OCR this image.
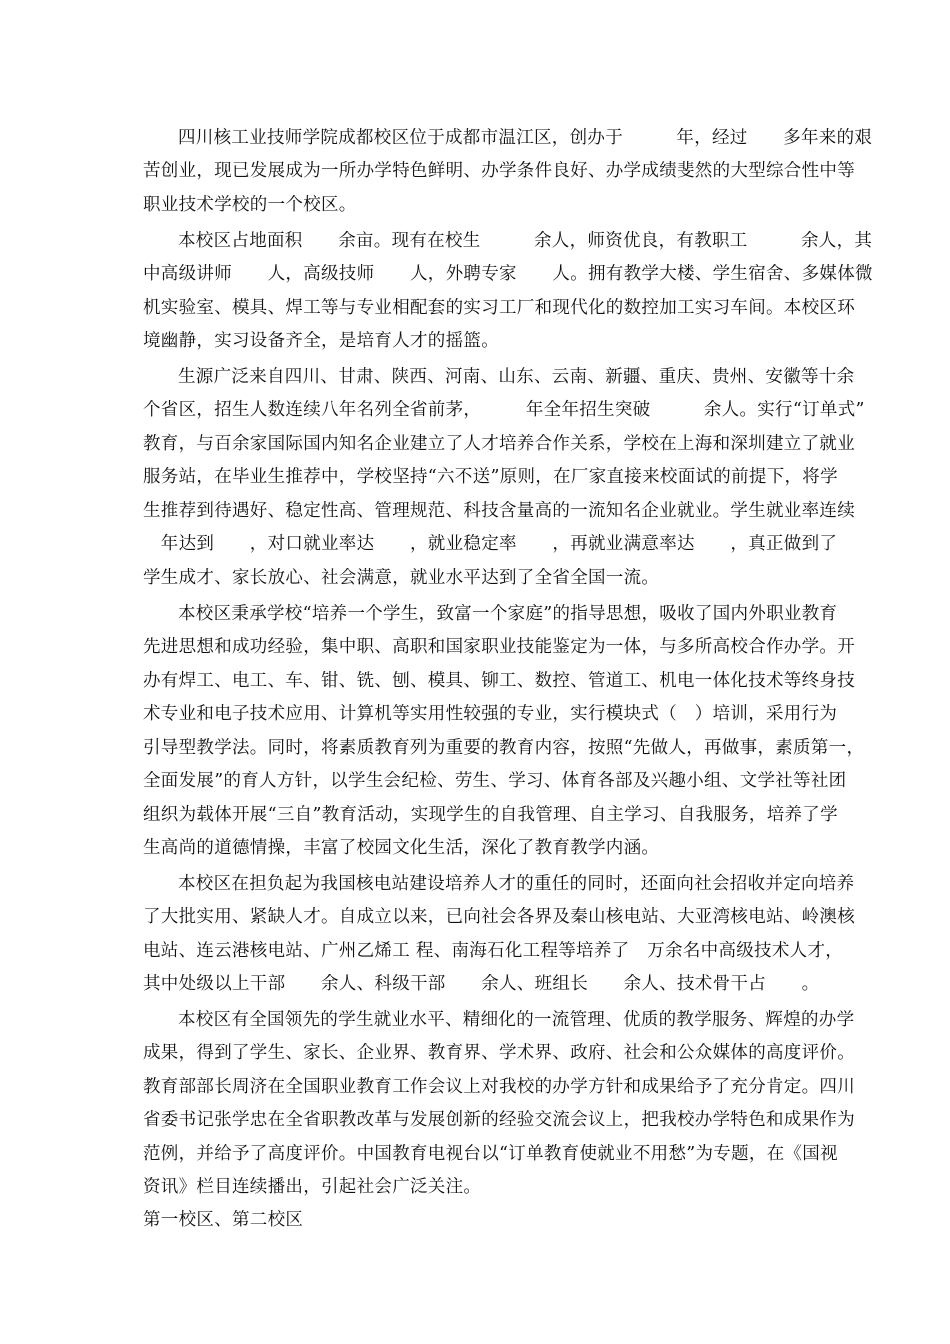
四川核工业技师学院成都校区位于成都市温江区，创办于　　　年，经过　　多年来的艰
苦创业，现已发展成为一所办学特色鲜明、办学条件良好、办学成绩斐然的大型综合性中等
职业技术学校的一个校区。
本校区占地面积　　余亩。现有在校生　　　余人，师资优良，有教职工　　　余人，其
中高级讲师　　人，高级技师　　人，外聘专家　　人。拥有教学大楼、学生宿舍、多媒体微
机实验室、模具、焊工等与专业相配套的实习工厂和现代化的数控加工实习车间。本校区环
境幽静，实习设备齐全，是培育人才的摇篮。
生源广泛来自四川、甘肃、陕西、河南、山东、云南、新疆、重庆、贵州、安徽等十余
个省区，招生人数连续八年名列全省前茅，　　　年全年招生突破　　　余人。实行“订单式”
教育，与百余家国际国内知名企业建立了人才培养合作关系，学校在上海和深圳建立了就业
服务站，在毕业生推荐中，学校坚持“六不送”原则，在厂家直接来校面试的前提下，将学
生推荐到待遇好、稳定性高、管理规范、科技含量高的一流知名企业就业。学生就业率连续
　年达到　　，对口就业率达　　，就业稳定率　　，再就业满意率达　　，真正做到了
学生成才、家长放心、社会满意，就业水平达到了全省全国一流。
本校区秉承学校“培养一个学生，致富一个家庭”的指导思想，吸收了国内外职业教育
先进思想和成功经验，集中职、高职和国家职业技能鉴定为一体，与多所高校合作办学。开
办有焊工、电工、车、钳、铣、刨、模具、铆工、数控、管道工、机电一体化技术等终身技
术专业和电子技术应用、计算机等实用性较强的专业，实行模块式（　）培训，采用行为
引导型教学法。同时，将素质教育列为重要的教育内容，按照“先做人，再做事，素质第一，
全面发展”的育人方针，以学生会纪检、劳生、学习、体育各部及兴趣小组、文学社等社团
组织为载体开展“三自”教育活动，实现学生的自我管理、自主学习、自我服务，培养了学
生高尚的道德情操，丰富了校园文化生活，深化了教育教学内涵。
本校区在担负起为我国核电站建设培养人才的重任的同时，还面向社会招收并定向培养
了大批实用、紧缺人才。自成立以来，已向社会各界及秦山核电站、大亚湾核电站、岭澳核
电站、连云港核电站、广州乙烯工 程、南海石化工程等培养了　万余名中高级技术人才，
其中处级以上干部　　余人、科级干部　　余人、班组长　　余人、技术骨干占　　。
本校区有全国领先的学生就业水平、精细化的一流管理、优质的教学服务、辉煌的办学
成果，得到了学生、家长、企业界、教育界、学术界、政府、社会和公众媒体的高度评价。
教育部部长周济在全国职业教育工作会议上对我校的办学方针和成果给予了充分肯定。四川
省委书记张学忠在全省职教改革与发展创新的经验交流会议上，把我校办学特色和成果作为
范例，并给予了高度评价。中国教育电视台以“订单教育使就业不用愁”为专题，在《国视
资讯》栏目连续播出，引起社会广泛关注。
第一校区、第二校区
